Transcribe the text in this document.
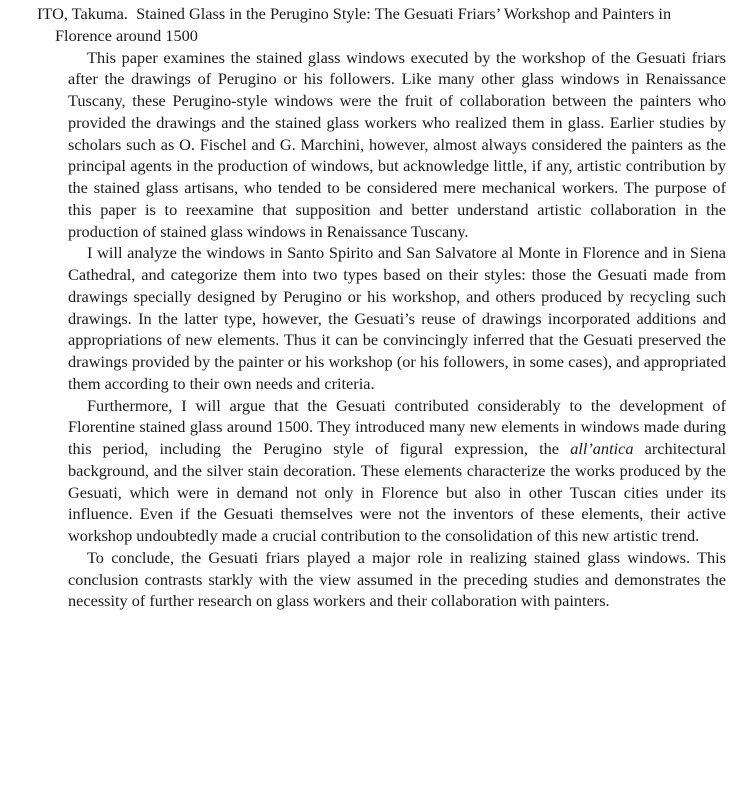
ITO, Takuma. Stained Glass in the Perugino Style: The Gesuati Friars’ Workshop and Painters in Florence around 1500

This paper examines the stained glass windows executed by the workshop of the Gesuati friars after the drawings of Perugino or his followers. Like many other glass windows in Renaissance Tuscany, these Perugino-style windows were the fruit of collaboration between the painters who provided the drawings and the stained glass workers who realized them in glass. Earlier studies by scholars such as O. Fischel and G. Marchini, however, almost always considered the painters as the principal agents in the production of windows, but acknowledge little, if any, artistic contribution by the stained glass artisans, who tended to be considered mere mechanical workers. The purpose of this paper is to reexamine that supposition and better understand artistic collaboration in the production of stained glass windows in Renaissance Tuscany.

I will analyze the windows in Santo Spirito and San Salvatore al Monte in Florence and in Siena Cathedral, and categorize them into two types based on their styles: those the Gesuati made from drawings specially designed by Perugino or his workshop, and others produced by recycling such drawings. In the latter type, however, the Gesuati’s reuse of drawings incorporated additions and appropriations of new elements. Thus it can be convincingly inferred that the Gesuati preserved the drawings provided by the painter or his workshop (or his followers, in some cases), and appropriated them according to their own needs and criteria.

Furthermore, I will argue that the Gesuati contributed considerably to the development of Florentine stained glass around 1500. They introduced many new elements in windows made during this period, including the Perugino style of figural expression, the all’antica architectural background, and the silver stain decoration. These elements characterize the works produced by the Gesuati, which were in demand not only in Florence but also in other Tuscan cities under its influence. Even if the Gesuati themselves were not the inventors of these elements, their active workshop undoubtedly made a crucial contribution to the consolidation of this new artistic trend.

To conclude, the Gesuati friars played a major role in realizing stained glass windows. This conclusion contrasts starkly with the view assumed in the preceding studies and demonstrates the necessity of further research on glass workers and their collaboration with painters.
